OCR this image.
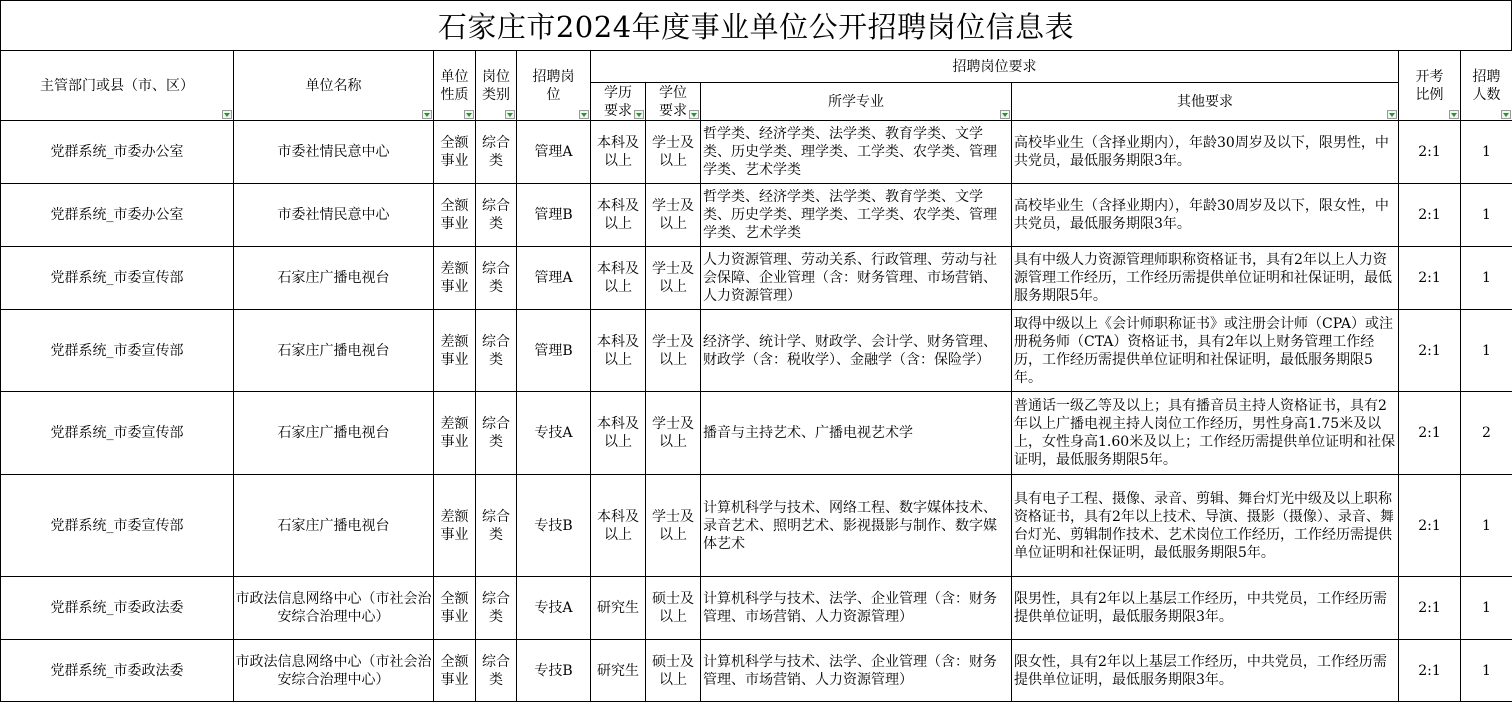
石家庄市2024年度事业单位公开招聘岗位信息表
主管部门或县（市、区）	单位名称	单位性质	岗位类别	招聘岗位	招聘岗位要求				开考比例	招聘人数

					学历要求	学位要求	所学专业	其他要求		

党群系统_市委办公室	市委社情民意中心	全额事业	综合类	管理A	本科及以上	学士及以上	哲学类、经济学类、法学类、教育学类、文学类、历史学类、理学类、工学类、农学类、管理学类、艺术学类	高校毕业生（含择业期内），年龄30周岁及以下，限男性，中共党员，最低服务期限3年。	2:1	1
党群系统_市委办公室	市委社情民意中心	全额事业	综合类	管理B	本科及以上	学士及以上	哲学类、经济学类、法学类、教育学类、文学类、历史学类、理学类、工学类、农学类、管理学类、艺术学类	高校毕业生（含择业期内），年龄30周岁及以下，限女性，中共党员，最低服务期限3年。	2:1	1
党群系统_市委宣传部	石家庄广播电视台	差额事业	综合类	管理A	本科及以上	学士及以上	人力资源管理、劳动关系、行政管理、劳动与社会保障、企业管理（含：财务管理、市场营销、人力资源管理）	具有中级人力资源管理师职称资格证书，具有2年以上人力资源管理工作经历，工作经历需提供单位证明和社保证明，最低服务期限5年。	2:1	1
党群系统_市委宣传部	石家庄广播电视台	差额事业	综合类	管理B	本科及以上	学士及以上	经济学、统计学、财政学、会计学、财务管理、财政学（含：税收学）、金融学（含：保险学）	取得中级以上《会计师职称证书》或注册会计师（CPA）或注册税务师（CTA）资格证书，具有2年以上财务管理工作经历，工作经历需提供单位证明和社保证明，最低服务期限5年。	2:1	1
党群系统_市委宣传部	石家庄广播电视台	差额事业	综合类	专技A	本科及以上	学士及以上	播音与主持艺术、广播电视艺术学	普通话一级乙等及以上；具有播音员主持人资格证书，具有2年以上广播电视主持人岗位工作经历，男性身高1.75米及以上，女性身高1.60米及以上；工作经历需提供单位证明和社保证明，最低服务期限5年。	2:1	2
党群系统_市委宣传部	石家庄广播电视台	差额事业	综合类	专技B	本科及以上	学士及以上	计算机科学与技术、网络工程、数字媒体技术、录音艺术、照明艺术、影视摄影与制作、数字媒体艺术	具有电子工程、摄像、录音、剪辑、舞台灯光中级及以上职称资格证书，具有2年以上技术、导演、摄影（摄像）、录音、舞台灯光、剪辑制作技术、艺术岗位工作经历，工作经历需提供单位证明和社保证明，最低服务期限5年。	2:1	1
党群系统_市委政法委	市政法信息网络中心（市社会治安综合治理中心）	全额事业	综合类	专技A	研究生	硕士及以上	计算机科学与技术、法学、企业管理（含：财务管理、市场营销、人力资源管理）	限男性，具有2年以上基层工作经历，中共党员，工作经历需提供单位证明，最低服务期限3年。	2:1	1
党群系统_市委政法委	市政法信息网络中心（市社会治安综合治理中心）	全额事业	综合类	专技B	研究生	硕士及以上	计算机科学与技术、法学、企业管理（含：财务管理、市场营销、人力资源管理）	限女性，具有2年以上基层工作经历，中共党员，工作经历需提供单位证明，最低服务期限3年。	2:1	1
